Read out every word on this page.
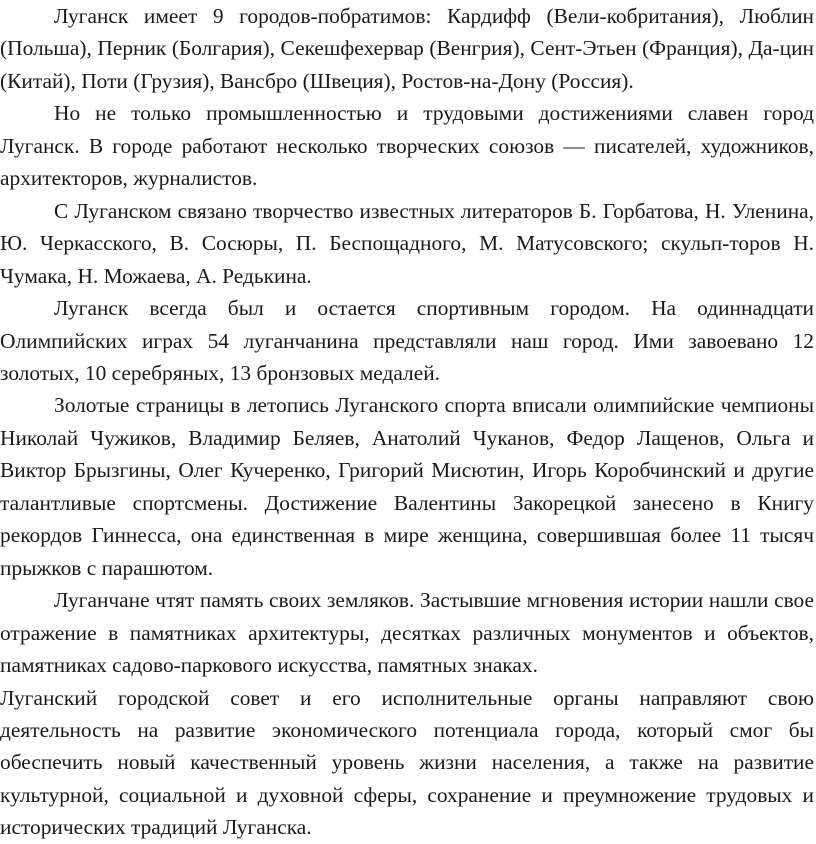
Луганск имеет 9 городов-побратимов: Кардифф (Вели-кобритания), Люблин (Польша), Перник (Болгария), Секешфехервар (Венгрия), Сент-Этьен (Франция), Да-цин (Китай), Поти (Грузия), Вансбро (Швеция), Ростов-на-Дону (Россия).

Но не только промышленностью и трудовыми достижениями славен город Луганск. В городе работают несколько творческих союзов — писателей, художников, архитекторов, журналистов.

С Луганском связано творчество известных литераторов Б. Горбатова, Н. Уленина, Ю. Черкасского, В. Сосюры, П. Беспощадного, М. Матусовского; скульп-торов Н. Чумака, Н. Можаева, А. Редькина.

Луганск всегда был и остается спортивным городом. На одиннадцати Олимпийских играх 54 луганчанина представляли наш город. Ими завоевано 12 золотых, 10 серебряных, 13 бронзовых медалей.

Золотые страницы в летопись Луганского спорта вписали олимпийские чемпионы Николай Чужиков, Владимир Беляев, Анатолий Чуканов, Федор Лащенов, Ольга и Виктор Брызгины, Олег Кучеренко, Григорий Мисютин, Игорь Коробчинский и другие талантливые спортсмены. Достижение Валентины Закорецкой занесено в Книгу рекордов Гиннесса, она единственная в мире женщина, совершившая более 11 тысяч прыжков с парашютом.

Луганчане чтят память своих земляков. Застывшие мгновения истории нашли свое отражение в памятниках архитектуры, десятках различных монументов и объектов, памятниках садово-паркового искусства, памятных знаках.

Луганский городской совет и его исполнительные органы направляют свою деятельность на развитие экономического потенциала города, который смог бы обеспечить новый качественный уровень жизни населения, а также на развитие культурной, социальной и духовной сферы, сохранение и преумножение трудовых и исторических традиций Луганска.
